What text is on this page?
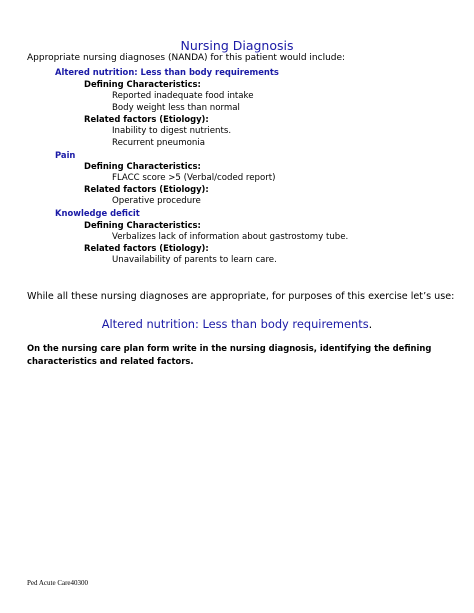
Nursing Diagnosis
Appropriate nursing diagnoses (NANDA) for this patient would include:
Altered nutrition: Less than body requirements
Defining Characteristics:
Reported inadequate food intake
Body weight less than normal
Related factors (Etiology):
Inability to digest nutrients.
Recurrent pneumonia
Pain
Defining Characteristics:
FLACC score >5 (Verbal/coded report)
Related factors (Etiology):
Operative procedure
Knowledge deficit
Defining Characteristics:
Verbalizes lack of information about gastrostomy tube.
Related factors (Etiology):
Unavailability of parents to learn care.
While all these nursing diagnoses are appropriate, for purposes of this exercise let’s use:
Altered nutrition: Less than body requirements.
On the nursing care plan form write in the nursing diagnosis, identifying the defining characteristics and related factors.
Ped Acute Care40300
